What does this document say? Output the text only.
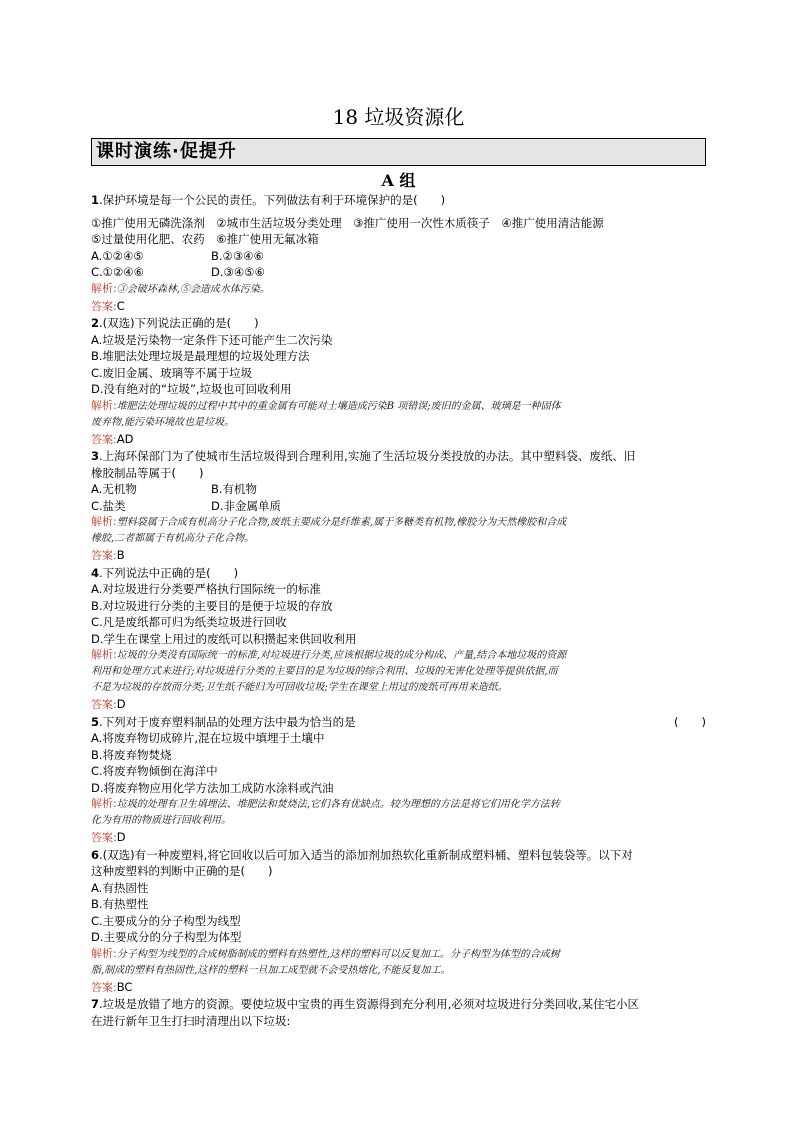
18 垃圾资源化
课时演练·促提升
A 组
1.保护环境是每一个公民的责任。下列做法有利于环境保护的是(　　)
①推广使用无磷洗涤剂　②城市生活垃圾分类处理　③推广使用一次性木质筷子　④推广使用清洁能源
⑤过量使用化肥、农药　⑥推广使用无氟冰箱
A.①②④⑤	B.②③④⑥
C.①②④⑥	D.③④⑤⑥
解析:③会破坏森林,⑤会造成水体污染。
答案:C
2.(双选)下列说法正确的是(　　)
A.垃圾是污染物一定条件下还可能产生二次污染
B.堆肥法处理垃圾是最理想的垃圾处理方法
C.废旧金属、玻璃等不属于垃圾
D.没有绝对的“垃圾”,垃圾也可回收利用
解析:堆肥法处理垃圾的过程中其中的重金属有可能对土壤造成污染B 项错误;废旧的金属、玻璃是一种固体
废弃物,能污染环境故也是垃圾。
答案:AD
3.上海环保部门为了使城市生活垃圾得到合理利用,实施了生活垃圾分类投放的办法。其中塑料袋、废纸、旧
橡胶制品等属于(　　)
A.无机物	B.有机物
C.盐类	D.非金属单质
解析:塑料袋属于合成有机高分子化合物,废纸主要成分是纤维素,属于多糖类有机物,橡胶分为天然橡胶和合成
橡胶,二者都属于有机高分子化合物。
答案:B
4.下列说法中正确的是(　　)
A.对垃圾进行分类要严格执行国际统一的标准
B.对垃圾进行分类的主要目的是便于垃圾的存放
C.凡是废纸都可归为纸类垃圾进行回收
D.学生在课堂上用过的废纸可以积攒起来供回收利用
解析:垃圾的分类没有国际统一的标准,对垃圾进行分类,应该根据垃圾的成分构成、产量,结合本地垃圾的资源
利用和处理方式来进行;对垃圾进行分类的主要目的是为垃圾的综合利用、垃圾的无害化处理等提供依据,而
不是为垃圾的存放而分类;卫生纸不能归为可回收垃圾;学生在课堂上用过的废纸可再用来造纸。
答案:D
5.下列对于废弃塑料制品的处理方法中最为恰当的是	(　　)
A.将废弃物切成碎片,混在垃圾中填埋于土壤中
B.将废弃物焚烧
C.将废弃物倾倒在海洋中
D.将废弃物应用化学方法加工成防水涂料或汽油
解析:垃圾的处理有卫生填埋法、堆肥法和焚烧法,它们各有优缺点。较为理想的方法是将它们用化学方法转
化为有用的物质进行回收利用。
答案:D
6.(双选)有一种废塑料,将它回收以后可加入适当的添加剂加热软化重新制成塑料桶、塑料包装袋等。以下对
这种废塑料的判断中正确的是(　　)
A.有热固性
B.有热塑性
C.主要成分的分子构型为线型
D.主要成分的分子构型为体型
解析:分子构型为线型的合成树脂制成的塑料有热塑性,这样的塑料可以反复加工。分子构型为体型的合成树
脂,制成的塑料有热固性,这样的塑料一旦加工成型就不会受热熔化,不能反复加工。
答案:BC
7.垃圾是放错了地方的资源。要使垃圾中宝贵的再生资源得到充分利用,必须对垃圾进行分类回收,某住宅小区
在进行新年卫生打扫时清理出以下垃圾:
